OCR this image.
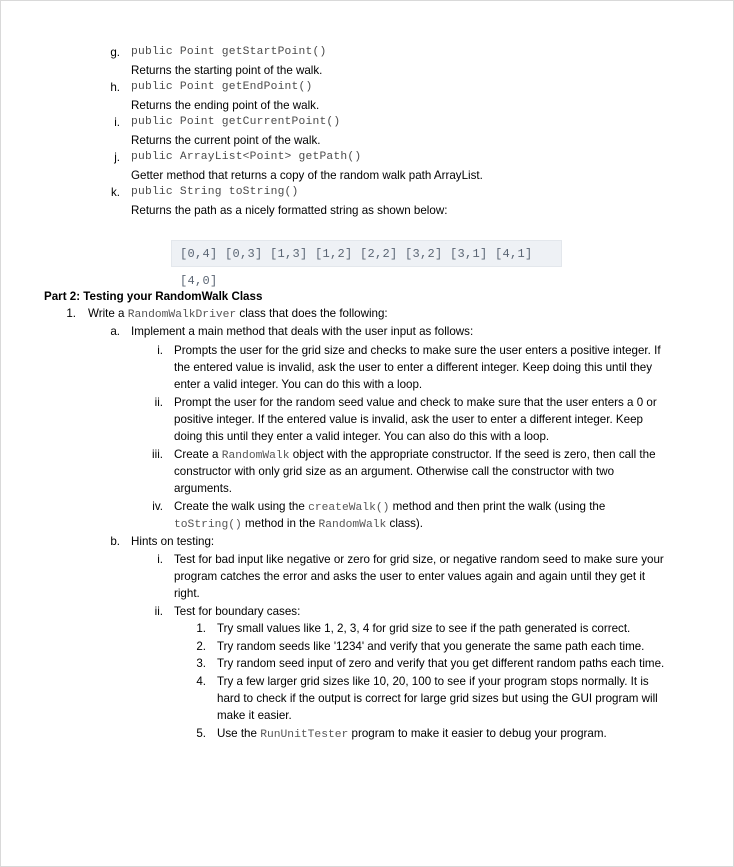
g. public Point getStartPoint()
Returns the starting point of the walk.
h. public Point getEndPoint()
Returns the ending point of the walk.
i. public Point getCurrentPoint()
Returns the current point of the walk.
j. public ArrayList<Point> getPath()
Getter method that returns a copy of the random walk path ArrayList.
k. public String toString()
Returns the path as a nicely formatted string as shown below:
[0,4] [0,3] [1,3] [1,2] [2,2] [3,2] [3,1] [4,1] [4,0]
Part 2: Testing your RandomWalk Class
1. Write a RandomWalkDriver class that does the following:
a. Implement a main method that deals with the user input as follows:
i. Prompts the user for the grid size and checks to make sure the user enters a positive integer. If
the entered value is invalid, ask the user to enter a different integer. Keep doing this until they
enter a valid integer. You can do this with a loop.
ii. Prompt the user for the random seed value and check to make sure that the user enters a 0 or
positive integer. If the entered value is invalid, ask the user to enter a different integer. Keep
doing this until they enter a valid integer. You can also do this with a loop.
iii. Create a RandomWalk object with the appropriate constructor. If the seed is zero, then call the
constructor with only grid size as an argument. Otherwise call the constructor with two
arguments.
iv. Create the walk using the createWalk() method and then print the walk (using the
toString() method in the RandomWalk class).
b. Hints on testing:
i. Test for bad input like negative or zero for grid size, or negative random seed to make sure your
program catches the error and asks the user to enter values again and again until they get it
right.
ii. Test for boundary cases:
1. Try small values like 1, 2, 3, 4 for grid size to see if the path generated is correct.
2. Try random seeds like '1234' and verify that you generate the same path each time.
3. Try random seed input of zero and verify that you get different random paths each time.
4. Try a few larger grid sizes like 10, 20, 100 to see if your program stops normally. It is
hard to check if the output is correct for large grid sizes but using the GUI program will
make it easier.
5. Use the RunUnitTester program to make it easier to debug your program.
